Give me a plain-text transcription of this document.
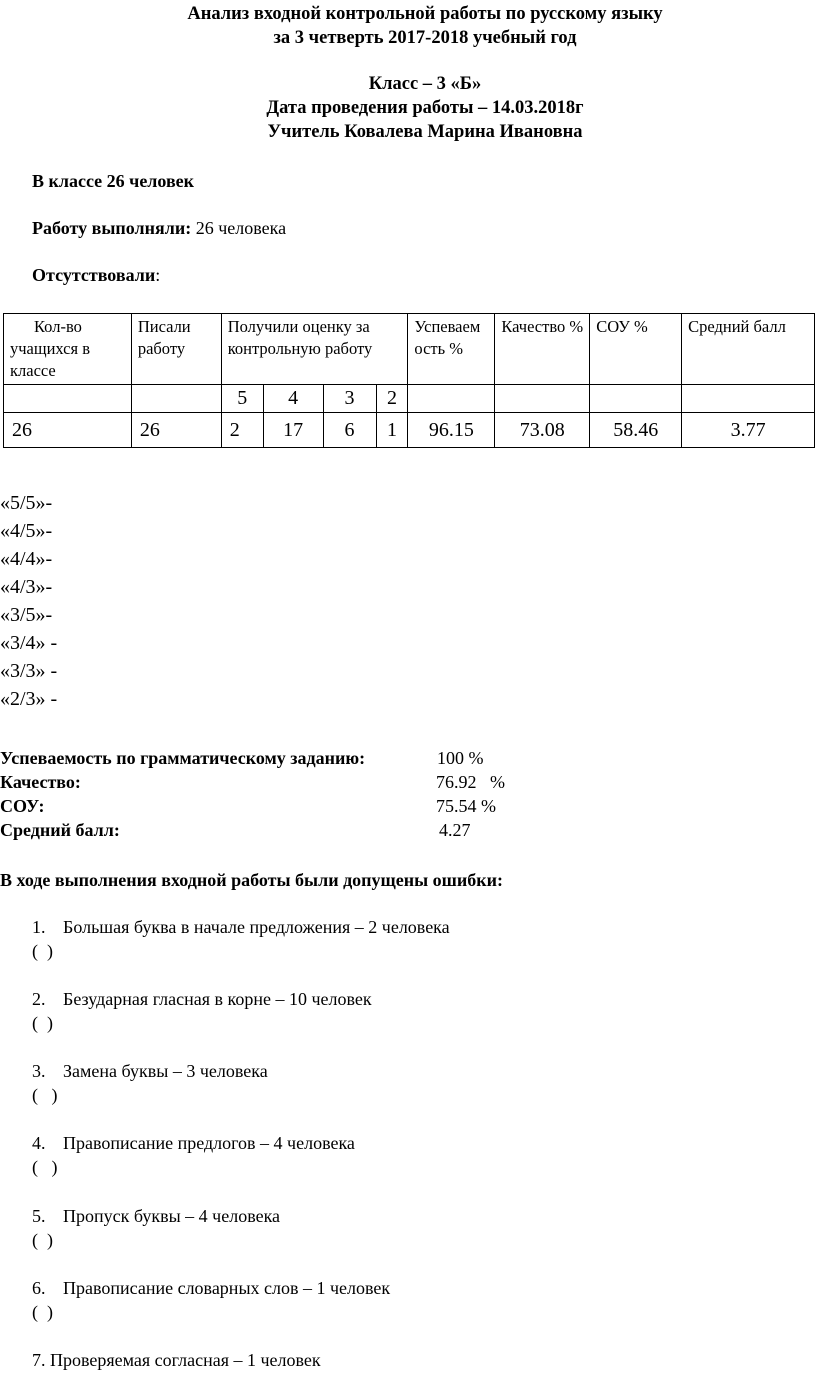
Анализ входной контрольной работы по русскому языку
за 3 четверть 2017-2018 учебный год
Класс – 3 «Б»
Дата проведения работы – 14.03.2018г
Учитель Ковалева Марина Ивановна
В классе 26 человек
Работу выполняли: 26 человека
Отсутствовали:
Кол-во учащихся в классе	Писали работу	Получили оценку за контрольную работу				Успеваемость %	Качество %	СОУ %	Средний балл
		5	4	3	2				
26	26	2	17	6	1	96.15	73.08	58.46	3.77
«5/5»-
«4/5»-
«4/4»-
«4/3»-
«3/5»-
«3/4» -
«3/3» -
«2/3» -
Успеваемость по грамматическому заданию:	100 %
Качество:	76.92   %
СОУ:	75.54 %
Средний балл:	4.27
В ходе выполнения входной работы были допущены ошибки:
1. Большая буква в начале предложения – 2 человека
(  )
2. Безударная гласная в корне – 10 человек
(  )
3. Замена буквы – 3 человека
(   )
4. Правописание предлогов – 4 человека
(   )
5. Пропуск буквы – 4 человека
(  )
6. Правописание словарных слов – 1 человек
(  )
7. Проверяемая согласная – 1 человек
